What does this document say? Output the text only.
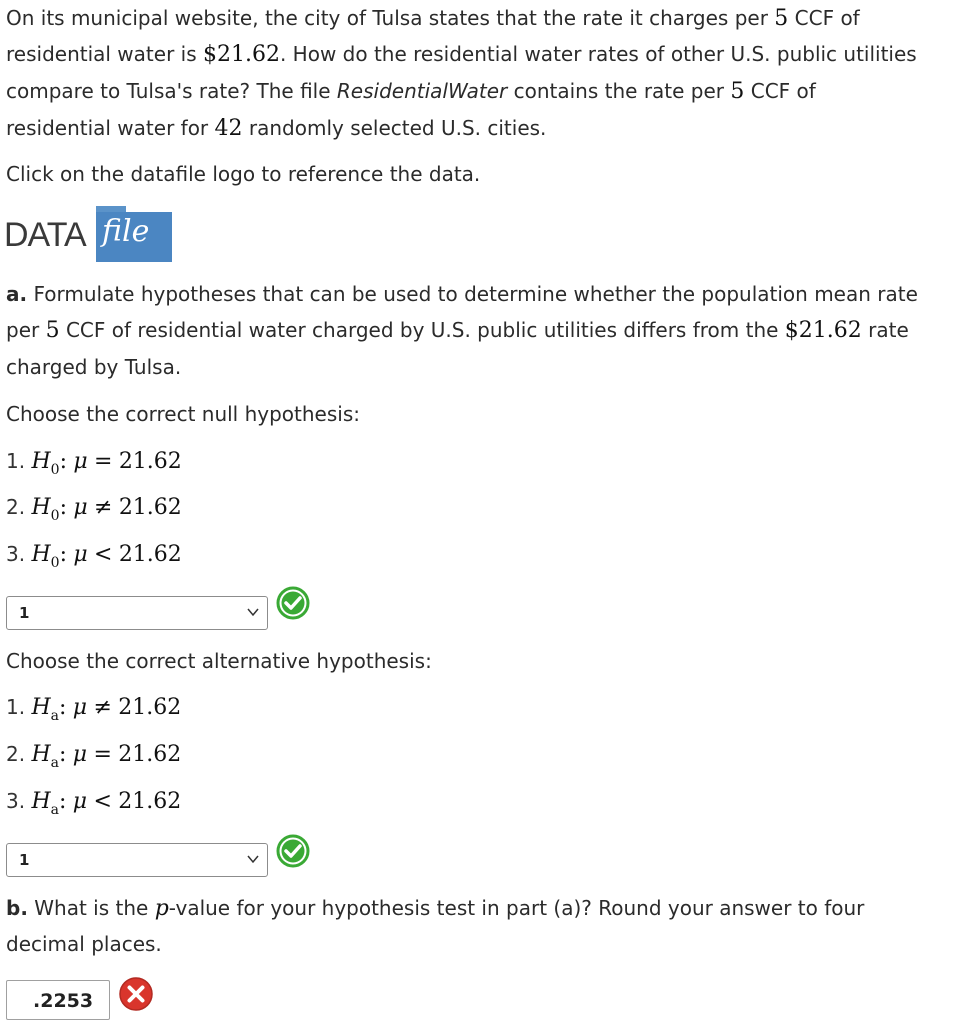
On its municipal website, the city of Tulsa states that the rate it charges per 5 CCF of
residential water is $21.62. How do the residential water rates of other U.S. public utilities
compare to Tulsa's rate? The file ResidentialWater contains the rate per 5 CCF of
residential water for 42 randomly selected U.S. cities.
Click on the datafile logo to reference the data.
DATA file
a. Formulate hypotheses that can be used to determine whether the population mean rate
per 5 CCF of residential water charged by U.S. public utilities differs from the $21.62 rate
charged by Tulsa.
Choose the correct null hypothesis:
1. $H_0$: μ = 21.62
2. $H_0$: μ ≠ 21.62
3. $H_0$: μ < 21.62
1
Choose the correct alternative hypothesis:
1. $H_a$: μ ≠ 21.62
2. $H_a$: μ = 21.62
3. $H_a$: μ < 21.62
1
b. What is the p-value for your hypothesis test in part (a)? Round your answer to four
decimal places.
.2253
